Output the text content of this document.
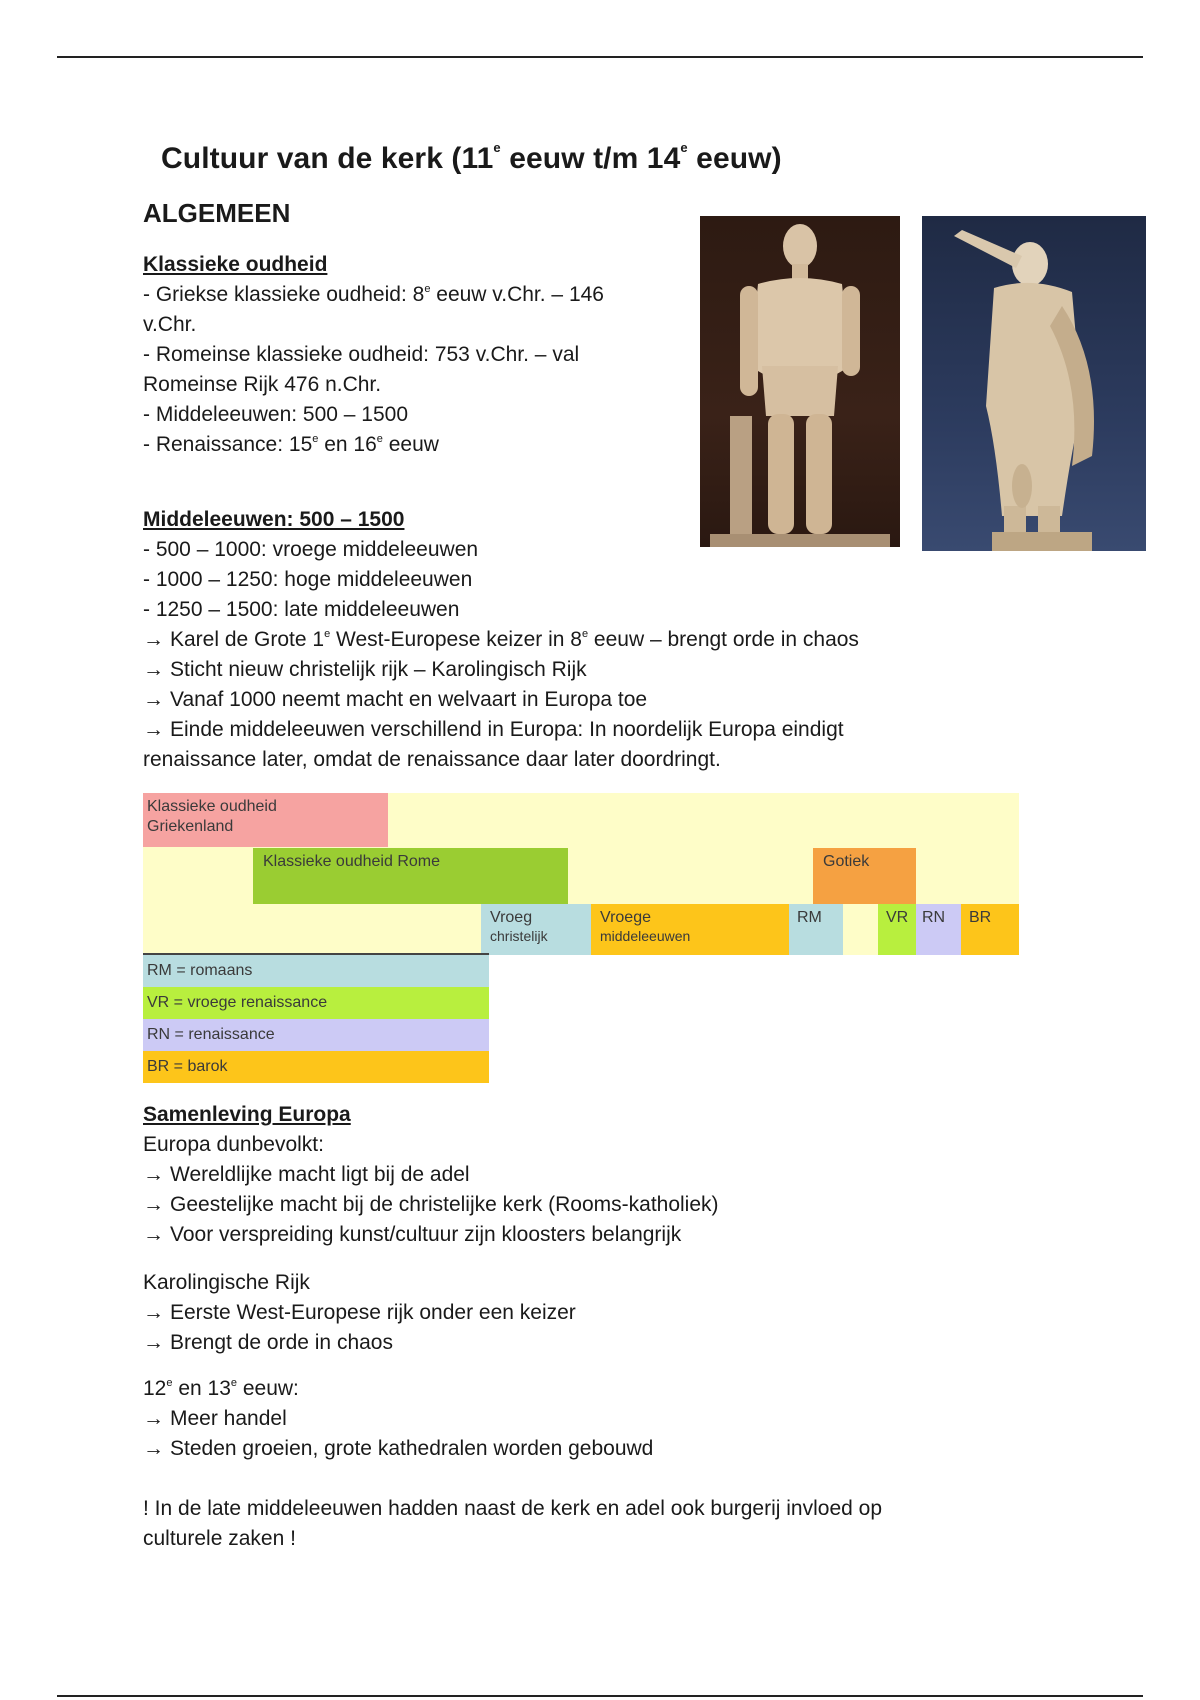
Cultuur van de kerk (11e eeuw t/m 14e eeuw)
ALGEMEEN
Klassieke oudheid
- Griekse klassieke oudheid: 8e eeuw v.Chr. – 146
v.Chr.
- Romeinse klassieke oudheid: 753 v.Chr. – val
Romeinse Rijk 476 n.Chr.
- Middeleeuwen: 500 – 1500
- Renaissance: 15e en 16e eeuw
Middeleeuwen: 500 – 1500
- 500 – 1000: vroege middeleeuwen
- 1000 – 1250: hoge middeleeuwen
- 1250 – 1500: late middeleeuwen
→ Karel de Grote 1e West-Europese keizer in 8e eeuw – brengt orde in chaos
→ Sticht nieuw christelijk rijk – Karolingisch Rijk
→ Vanaf 1000 neemt macht en welvaart in Europa toe
→ Einde middeleeuwen verschillend in Europa: In noordelijk Europa eindigt
renaissance later, omdat de renaissance daar later doordringt.
Klassieke oudheid
Griekenland
Klassieke oudheid Rome	Gotiek
Vroeg
christelijk
Vroege
middeleeuwen
RM	VR RN	BR
RM = romaans
VR = vroege renaissance
RN = renaissance
BR = barok
Samenleving Europa
Europa dunbevolkt:
→ Wereldlijke macht ligt bij de adel
→ Geestelijke macht bij de christelijke kerk (Rooms-katholiek)
→ Voor verspreiding kunst/cultuur zijn kloosters belangrijk
Karolingische Rijk
→ Eerste West-Europese rijk onder een keizer
→ Brengt de orde in chaos
12e en 13e eeuw:
→ Meer handel
→ Steden groeien, grote kathedralen worden gebouwd
! In de late middeleeuwen hadden naast de kerk en adel ook burgerij invloed op
culturele zaken !
